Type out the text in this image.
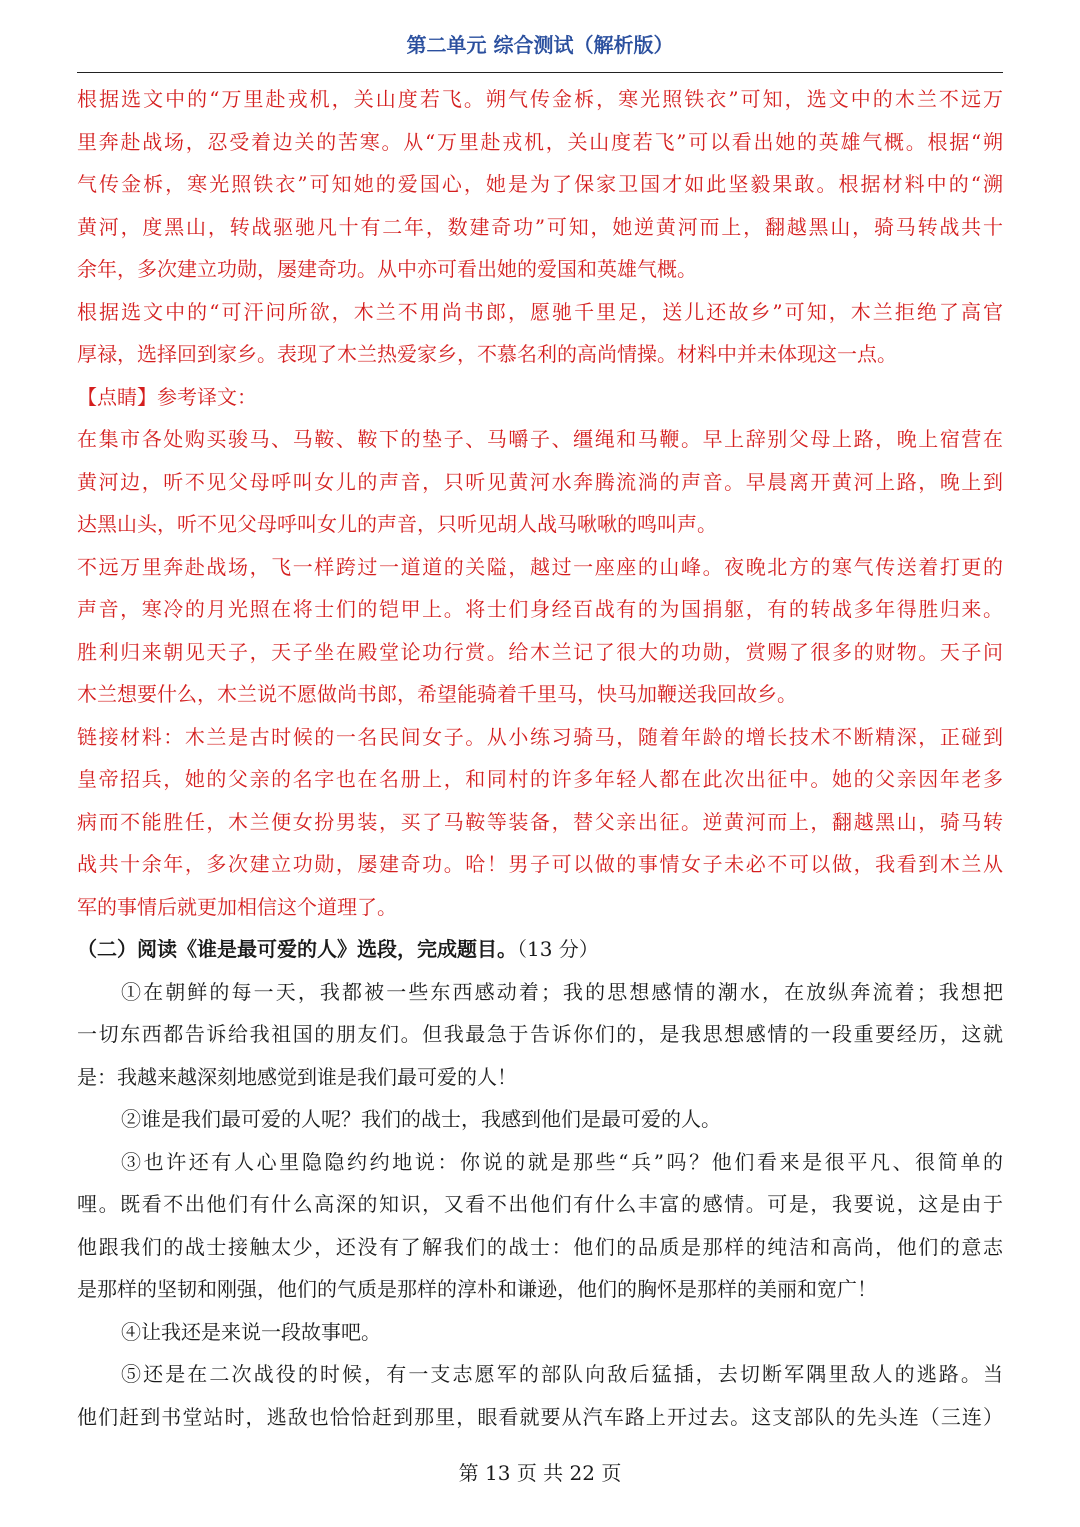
第二单元 综合测试（解析版）
根据选文中的“万里赴戎机，关山度若飞。朔气传金柝，寒光照铁衣”可知，选文中的木兰不远万
里奔赴战场，忍受着边关的苦寒。从“万里赴戎机，关山度若飞”可以看出她的英雄气概。根据“朔
气传金柝，寒光照铁衣”可知她的爱国心，她是为了保家卫国才如此坚毅果敢。根据材料中的“溯
黄河，度黑山，转战驱驰凡十有二年，数建奇功”可知，她逆黄河而上，翻越黑山，骑马转战共十
余年，多次建立功勋，屡建奇功。从中亦可看出她的爱国和英雄气概。
根据选文中的“可汗问所欲，木兰不用尚书郎，愿驰千里足，送儿还故乡”可知，木兰拒绝了高官
厚禄，选择回到家乡。表现了木兰热爱家乡，不慕名利的高尚情操。材料中并未体现这一点。
【点睛】参考译文：
在集市各处购买骏马、马鞍、鞍下的垫子、马嚼子、缰绳和马鞭。早上辞别父母上路，晚上宿营在
黄河边，听不见父母呼叫女儿的声音，只听见黄河水奔腾流淌的声音。早晨离开黄河上路，晚上到
达黑山头，听不见父母呼叫女儿的声音，只听见胡人战马啾啾的鸣叫声。
不远万里奔赴战场，飞一样跨过一道道的关隘，越过一座座的山峰。夜晚北方的寒气传送着打更的
声音，寒冷的月光照在将士们的铠甲上。将士们身经百战有的为国捐躯，有的转战多年得胜归来。
胜利归来朝见天子，天子坐在殿堂论功行赏。给木兰记了很大的功勋，赏赐了很多的财物。天子问
木兰想要什么，木兰说不愿做尚书郎，希望能骑着千里马，快马加鞭送我回故乡。
链接材料：木兰是古时候的一名民间女子。从小练习骑马，随着年龄的增长技术不断精深，正碰到
皇帝招兵，她的父亲的名字也在名册上，和同村的许多年轻人都在此次出征中。她的父亲因年老多
病而不能胜任，木兰便女扮男装，买了马鞍等装备，替父亲出征。逆黄河而上，翻越黑山，骑马转
战共十余年，多次建立功勋，屡建奇功。哈！男子可以做的事情女子未必不可以做，我看到木兰从
军的事情后就更加相信这个道理了。
（二）阅读《谁是最可爱的人》选段，完成题目。（13 分）
①在朝鲜的每一天，我都被一些东西感动着；我的思想感情的潮水，在放纵奔流着；我想把
一切东西都告诉给我祖国的朋友们。但我最急于告诉你们的，是我思想感情的一段重要经历，这就
是：我越来越深刻地感觉到谁是我们最可爱的人！
②谁是我们最可爱的人呢？我们的战士，我感到他们是最可爱的人。
③也许还有人心里隐隐约约地说：你说的就是那些“兵”吗？他们看来是很平凡、很简单的
哩。既看不出他们有什么高深的知识，又看不出他们有什么丰富的感情。可是，我要说，这是由于
他跟我们的战士接触太少，还没有了解我们的战士：他们的品质是那样的纯洁和高尚，他们的意志
是那样的坚韧和刚强，他们的气质是那样的淳朴和谦逊，他们的胸怀是那样的美丽和宽广！
④让我还是来说一段故事吧。
⑤还是在二次战役的时候，有一支志愿军的部队向敌后猛插，去切断军隅里敌人的逃路。当
他们赶到书堂站时，逃敌也恰恰赶到那里，眼看就要从汽车路上开过去。这支部队的先头连（三连）
第 13 页 共 22 页
